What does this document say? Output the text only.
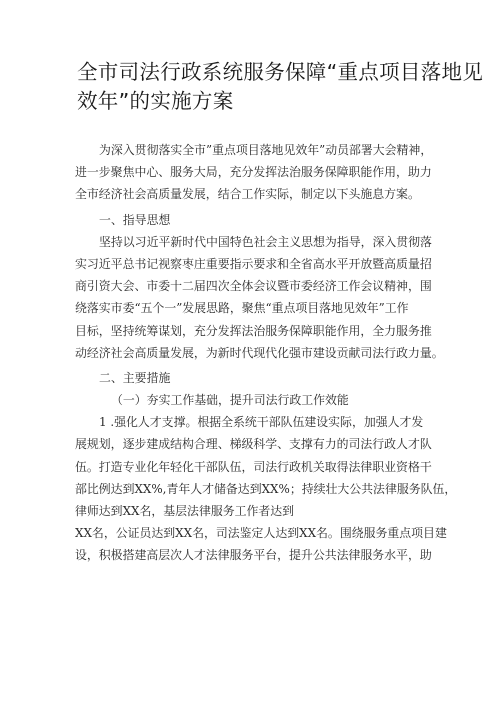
全市司法行政系统服务保障“重点项目落地见
效年”的实施方案
为深入贯彻落实全市”重点项目落地见效年”动员部署大会精神，
进一步聚焦中心、服务大局，充分发挥法治服务保障职能作用，助力
全市经济社会高质量发展，结合工作实际，制定以下头施息方案。
一、指导思想
坚持以习近平新时代中国特色社会主义思想为指导，深入贯彻落
实习近平总书记视察枣庄重要指示要求和全省高水平开放暨高质量招
商引资大会、市委十二届四次全体会议暨市委经济工作会议精神，围
绕落实市委“五个一”发展思路，聚焦“重点项目落地见效年”工作
目标，坚持统筹谋划，充分发挥法治服务保障职能作用，全力服务推
动经济社会高质量发展，为新时代现代化强市建设贡献司法行政力量。
二、主要措施
（一）夯实工作基础，提升司法行政工作效能
1 .强化人才支撑。根据全系统干部队伍建设实际，加强人才发
展规划，逐步建成结构合理、梯级科学、支撑有力的司法行政人才队
伍。打造专业化年轻化干部队伍，司法行政机关取得法律职业资格干
部比例达到XX%,青年人才储备达到XX%；持续壮大公共法律服务队伍，
律师达到XX名，基层法律服务工作者达到
XX名，公证员达到XX名，司法鉴定人达到XX名。围绕服务重点项目建
设，积极搭建高层次人才法律服务平台，提升公共法律服务水平，助
